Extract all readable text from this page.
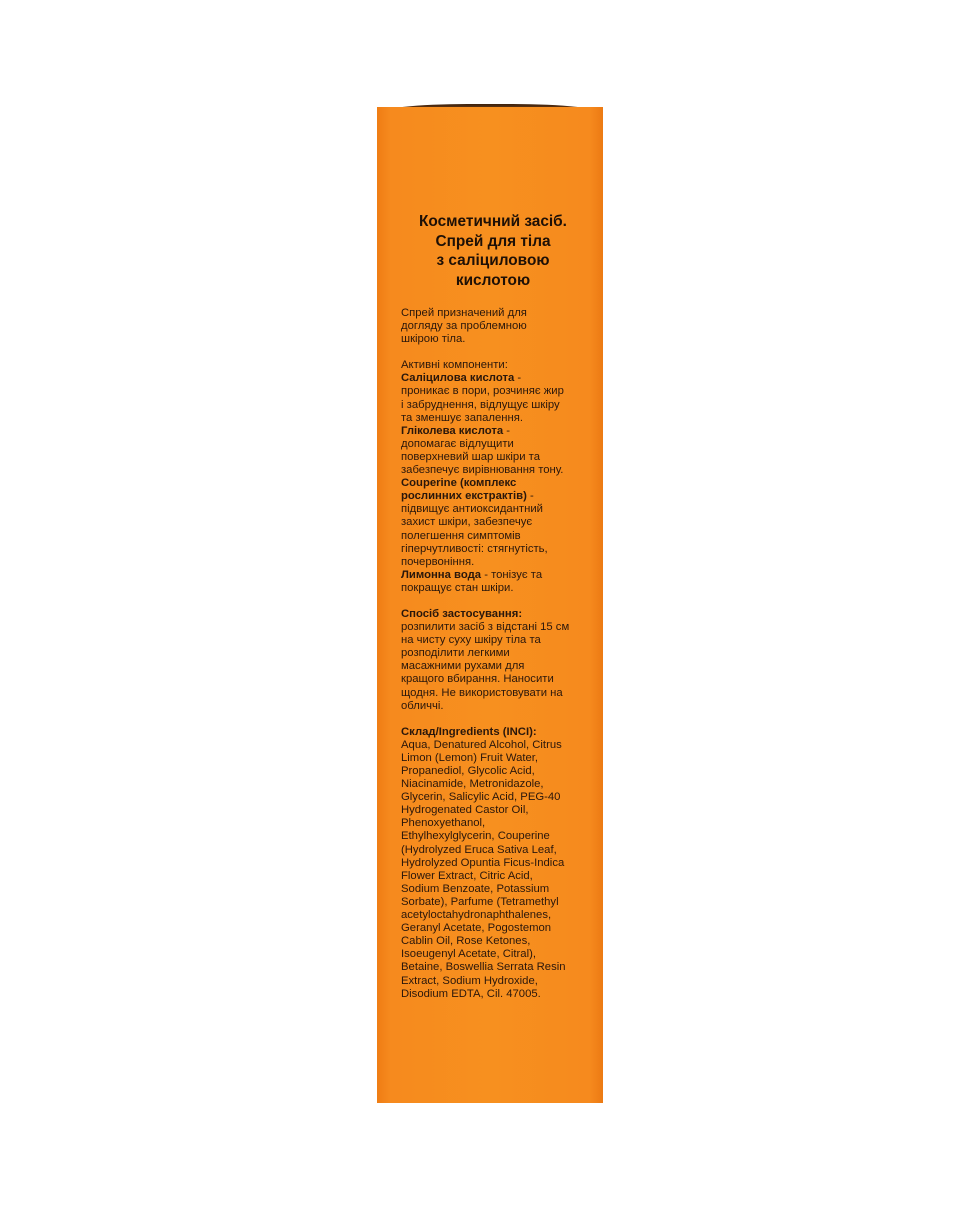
Косметичний засіб.
Спрей для тіла
з саліциловою
кислотою
Спрей призначений для
догляду за проблемною
шкірою тіла.
Активні компоненти:
Саліцилова кислота -
проникає в пори, розчиняє жир
і забруднення, відлущує шкіру
та зменшує запалення.
Гліколева кислота -
допомагає відлущити
поверхневий шар шкіри та
забезпечує вирівнювання тону.
Couperine (комплекс
рослинних екстрактів) -
підвищує антиоксидантний
захист шкіри, забезпечує
полегшення симптомів
гіперчутливості: стягнутість,
почервоніння.
Лимонна вода - тонізує та
покращує стан шкіри.
Спосіб застосування:
розпилити засіб з відстані 15 см
на чисту суху шкіру тіла та
розподілити легкими
масажними рухами для
кращого вбирання. Наносити
щодня. Не використовувати на
обличчі.
Склад/Ingredients (INCI):
Aqua, Denatured Alcohol, Citrus
Limon (Lemon) Fruit Water,
Propanediol, Glycolic Acid,
Niacinamide, Metronidazole,
Glycerin, Salicylic Acid, PEG-40
Hydrogenated Castor Oil,
Phenoxyethanol,
Ethylhexylglycerin, Couperine
(Hydrolyzed Eruca Sativa Leaf,
Hydrolyzed Opuntia Ficus-Indica
Flower Extract, Citric Acid,
Sodium Benzoate, Potassium
Sorbate), Parfume (Tetramethyl
acetyloctahydronaphthalenes,
Geranyl Acetate, Pogostemon
Cablin Oil, Rose Ketones,
Isoeugenyl Acetate, Citral),
Betaine, Boswellia Serrata Resin
Extract, Sodium Hydroxide,
Disodium EDTA, Cil. 47005.
